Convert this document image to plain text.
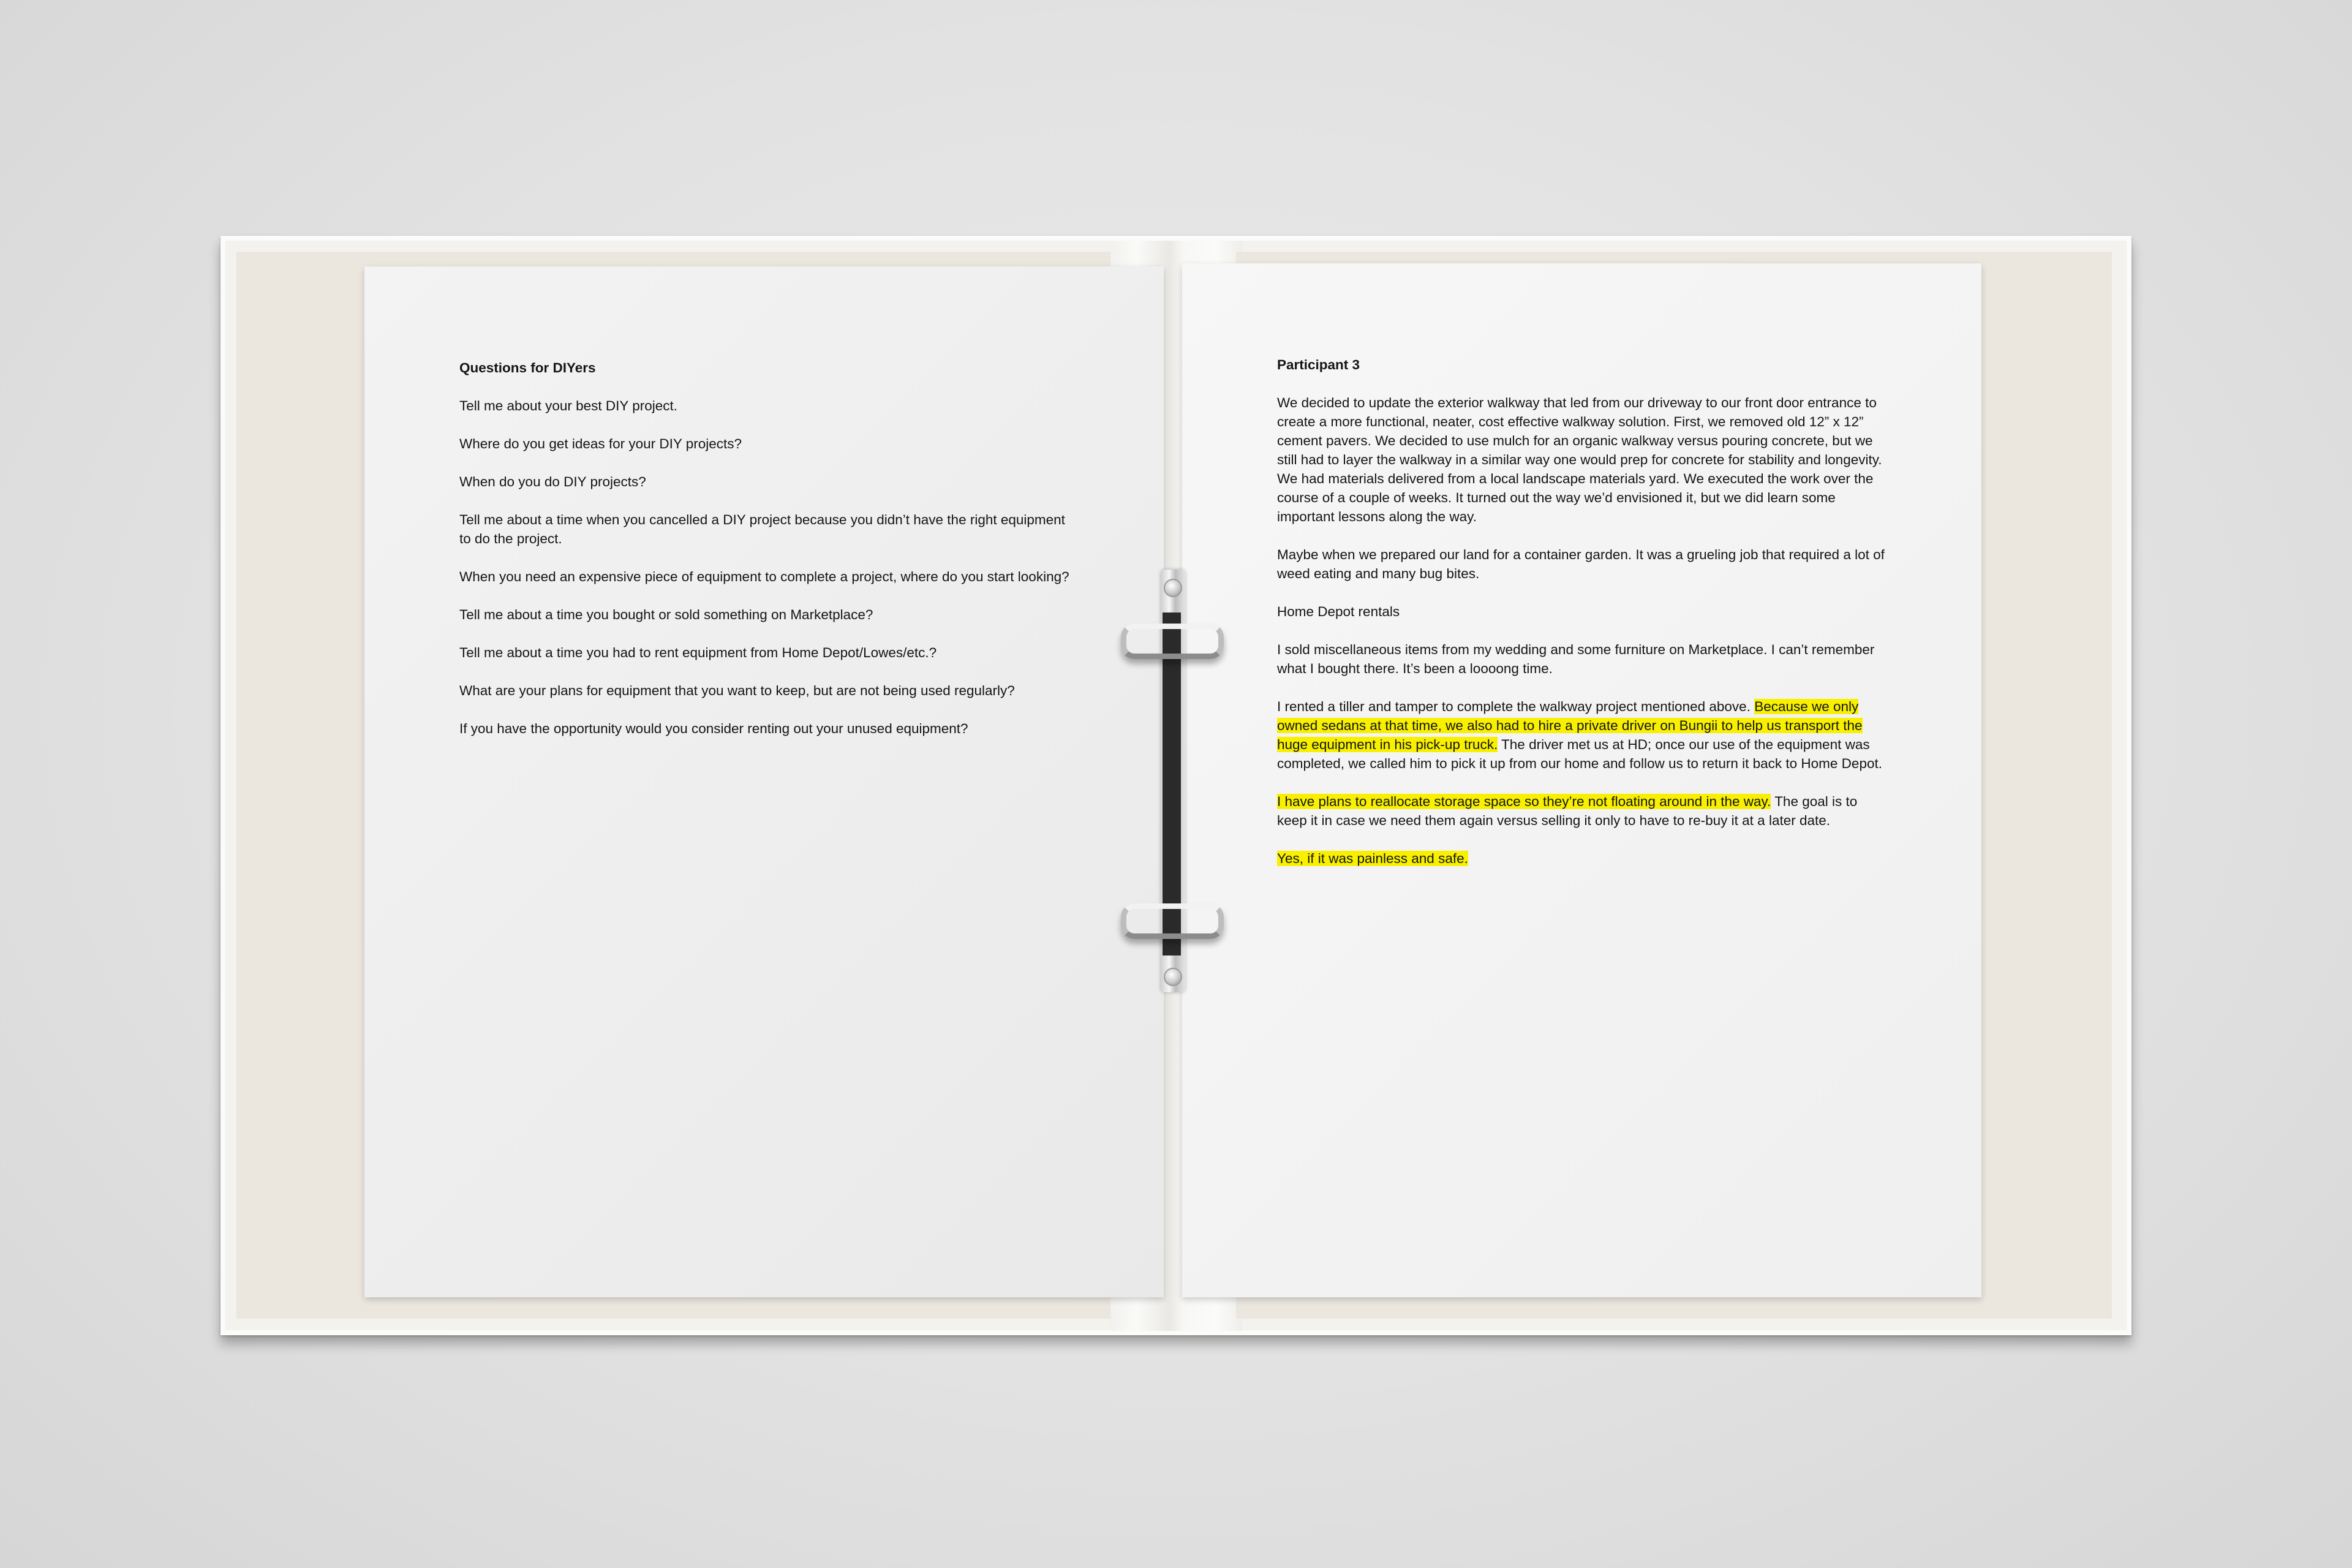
Questions for DIYers

Tell me about your best DIY project.

Where do you get ideas for your DIY projects?

When do you do DIY projects?

Tell me about a time when you cancelled a DIY project because you didn’t have the right equipment to do the project.

When you need an expensive piece of equipment to complete a project, where do you start looking?

Tell me about a time you bought or sold something on Marketplace?

Tell me about a time you had to rent equipment from Home Depot/Lowes/etc.?

What are your plans for equipment that you want to keep, but are not being used regularly?

If you have the opportunity would you consider renting out your unused equipment?

Participant 3

We decided to update the exterior walkway that led from our driveway to our front door entrance to create a more functional, neater, cost effective walkway solution. First, we removed old 12” x 12” cement pavers. We decided to use mulch for an organic walkway versus pouring concrete, but we still had to layer the walkway in a similar way one would prep for concrete for stability and longevity. We had materials delivered from a local landscape materials yard. We executed the work over the course of a couple of weeks. It turned out the way we’d envisioned it, but we did learn some important lessons along the way.

Maybe when we prepared our land for a container garden. It was a grueling job that required a lot of weed eating and many bug bites.

Home Depot rentals

I sold miscellaneous items from my wedding and some furniture on Marketplace. I can’t remember what I bought there. It’s been a loooong time.

I rented a tiller and tamper to complete the walkway project mentioned above. Because we only owned sedans at that time, we also had to hire a private driver on Bungii to help us transport the huge equipment in his pick-up truck. The driver met us at HD; once our use of the equipment was completed, we called him to pick it up from our home and follow us to return it back to Home Depot.

I have plans to reallocate storage space so they’re not floating around in the way. The goal is to keep it in case we need them again versus selling it only to have to re-buy it at a later date.

Yes, if it was painless and safe.
